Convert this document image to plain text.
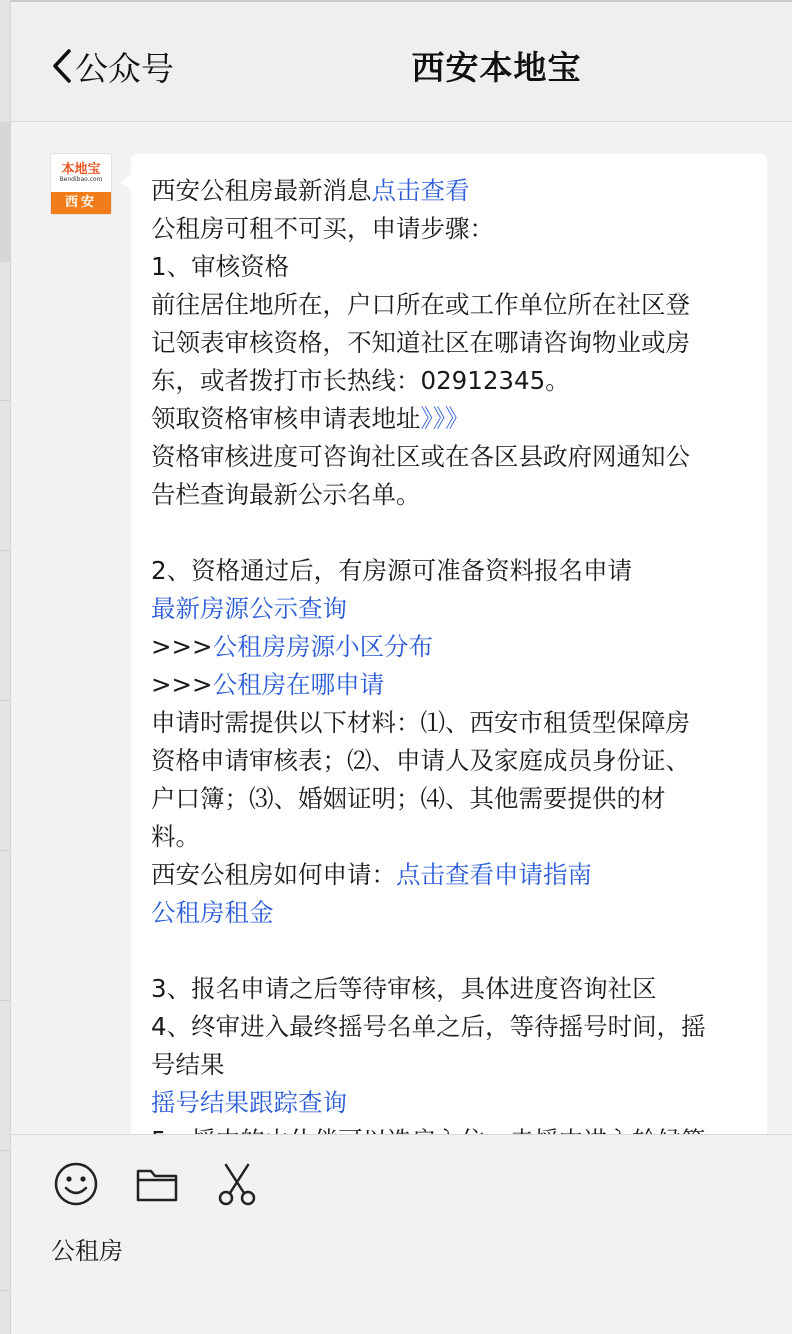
公众号	西安本地宝
本地宝
Bendibao.com
西安	西安公租房最新消息点击查看
公租房可租不可买，申请步骤：
1、审核资格
前往居住地所在，户口所在或工作单位所在社区登
记领表审核资格，不知道社区在哪请咨询物业或房
东，或者拨打市长热线：02912345。
领取资格审核申请表地址》》》
资格审核进度可咨询社区或在各区县政府网通知公
告栏查询最新公示名单。
2、资格通过后，有房源可准备资料报名申请
最新房源公示查询
>>>公租房房源小区分布
>>>公租房在哪申请
申请时需提供以下材料：⑴、西安市租赁型保障房
资格申请审核表；⑵、申请人及家庭成员身份证、
户口簿；⑶、婚姻证明；⑷、其他需要提供的材
料。
西安公租房如何申请：点击查看申请指南
公租房租金
3、报名申请之后等待审核，具体进度咨询社区
4、终审进入最终摇号名单之后，等待摇号时间，摇
号结果
摇号结果跟踪查询
公租房
